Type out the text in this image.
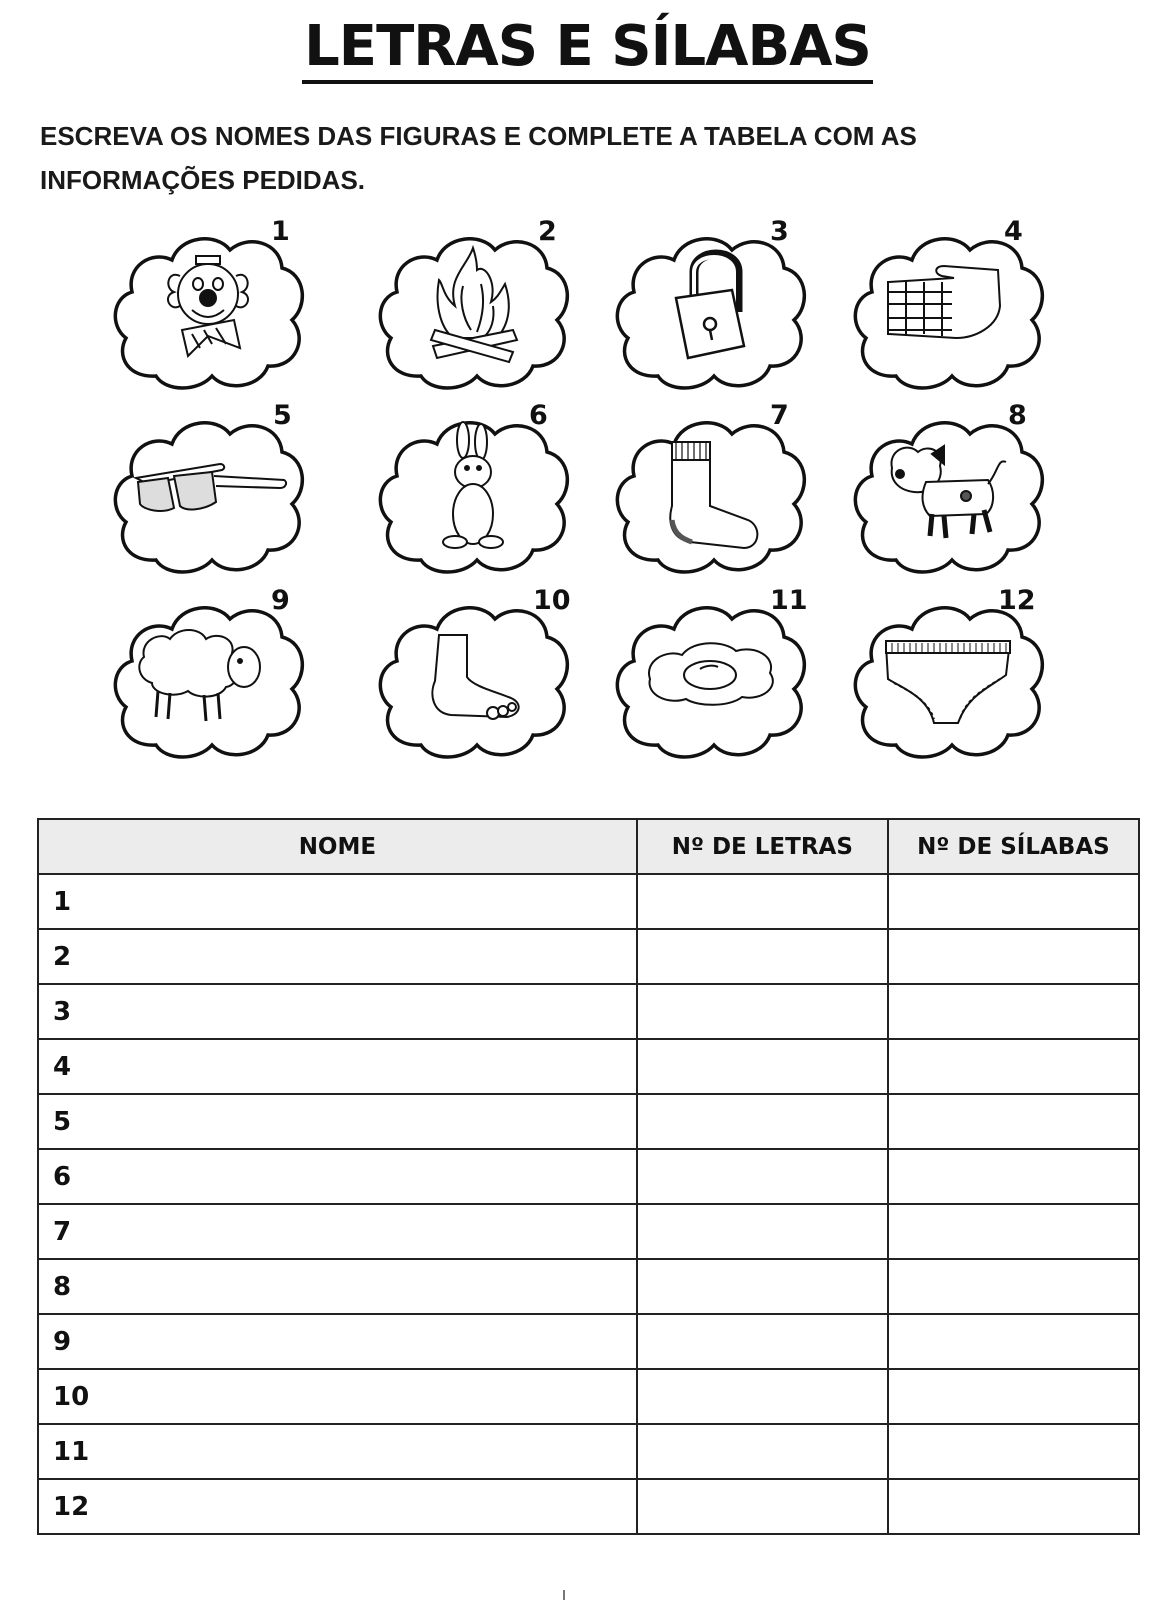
LETRAS E SÍLABAS
ESCREVA OS NOMES DAS FIGURAS E COMPLETE A TABELA COM AS
INFORMAÇÕES PEDIDAS.
1	2	3	4
5	6	7	8
9	10	11	12
NOME	Nº DE LETRAS	Nº DE SÍLABAS
1		
2		
3		
4		
5		
6		
7		
8		
9		
10		
11		
12		
